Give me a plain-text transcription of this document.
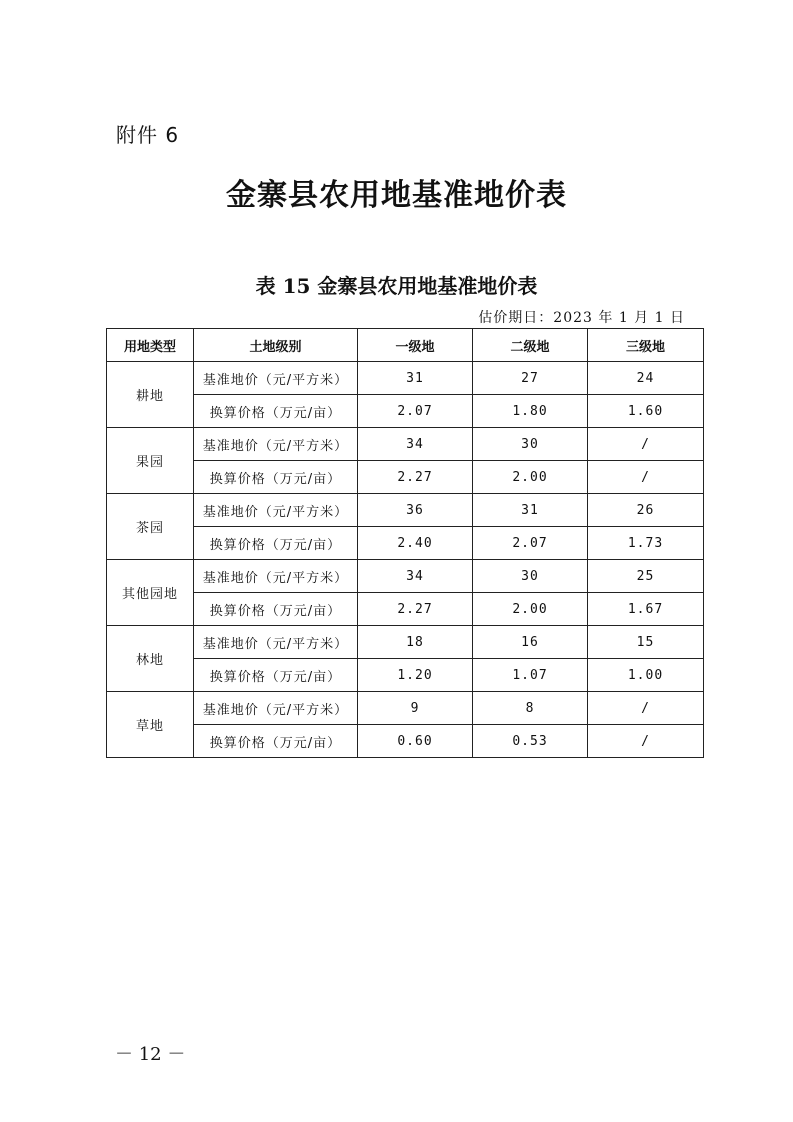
附件 6
金寨县农用地基准地价表
表 15 金寨县农用地基准地价表
估价期日：2023 年 1 月 1 日
用地类型	土地级别	一级地	二级地	三级地
耕地	基准地价（元/平方米）	31	27	24
	换算价格（万元/亩）	2.07	1.80	1.60
果园	基准地价（元/平方米）	34	30	/
	换算价格（万元/亩）	2.27	2.00	/
茶园	基准地价（元/平方米）	36	31	26
	换算价格（万元/亩）	2.40	2.07	1.73
其他园地	基准地价（元/平方米）	34	30	25
	换算价格（万元/亩）	2.27	2.00	1.67
林地	基准地价（元/平方米）	18	16	15
	换算价格（万元/亩）	1.20	1.07	1.00
草地	基准地价（元/平方米）	9	8	/
	换算价格（万元/亩）	0.60	0.53	/
－ 12 －
